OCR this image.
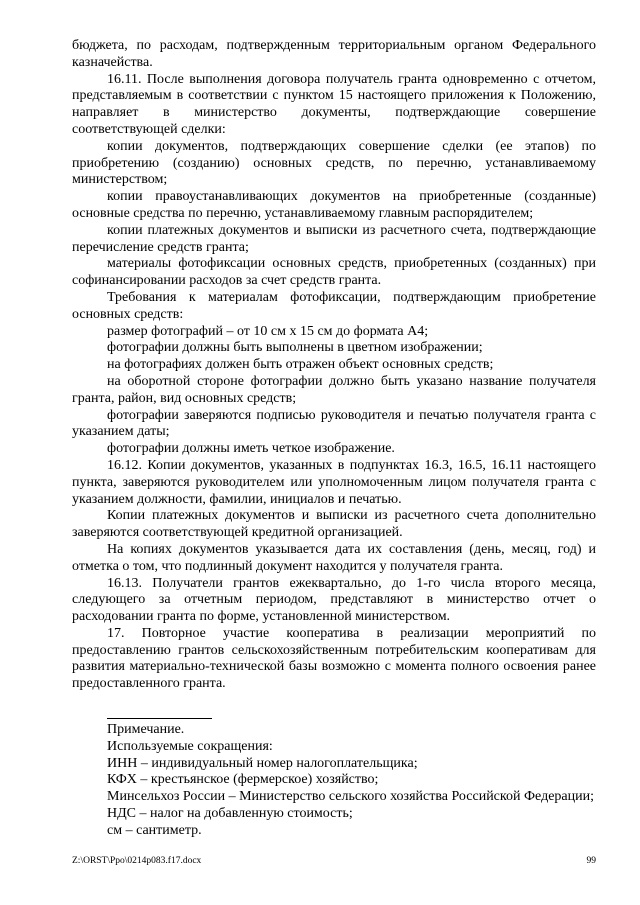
бюджета, по расходам, подтвержденным территориальным органом Федерального казначейства.

16.11. После выполнения договора получатель гранта одновременно с отчетом, представляемым в соответствии с пунктом 15 настоящего приложения к Положению, направляет в министерство документы, подтверждающие совершение соответствующей сделки:

копии документов, подтверждающих совершение сделки (ее этапов) по приобретению (созданию) основных средств, по перечню, устанавливаемому министерством;

копии правоустанавливающих документов на приобретенные (созданные) основные средства по перечню, устанавливаемому главным распорядителем;

копии платежных документов и выписки из расчетного счета, подтверждающие перечисление средств гранта;

материалы фотофиксации основных средств, приобретенных (созданных) при софинансировании расходов за счет средств гранта.

Требования к материалам фотофиксации, подтверждающим приобретение основных средств:

размер фотографий – от 10 см х 15 см до формата А4;

фотографии должны быть выполнены в цветном изображении;

на фотографиях должен быть отражен объект основных средств;

на оборотной стороне фотографии должно быть указано название получателя гранта, район, вид основных средств;

фотографии заверяются подписью руководителя и печатью получателя гранта с указанием даты;

фотографии должны иметь четкое изображение.

16.12. Копии документов, указанных в подпунктах 16.3, 16.5, 16.11 настоящего пункта, заверяются руководителем или уполномоченным лицом получателя гранта с указанием должности, фамилии, инициалов и печатью.

Копии платежных документов и выписки из расчетного счета дополнительно заверяются соответствующей кредитной организацией.

На копиях документов указывается дата их составления (день, месяц, год) и отметка о том, что подлинный документ находится у получателя гранта.

16.13. Получатели грантов ежеквартально, до 1-го числа второго месяца, следующего за отчетным периодом, представляют в министерство отчет о расходовании гранта по форме, установленной министерством.

17. Повторное участие кооператива в реализации мероприятий по предоставлению грантов сельскохозяйственным потребительским кооперативам для развития материально-технической базы возможно с момента полного освоения ранее предоставленного гранта.

Примечание.

Используемые сокращения:

ИНН – индивидуальный номер налогоплательщика;

КФХ – крестьянское (фермерское) хозяйство;

Минсельхоз России – Министерство сельского хозяйства Российской Федерации;

НДС – налог на добавленную стоимость;

см – сантиметр.

Z:\ORST\Ppo\0214p083.f17.docx	99
